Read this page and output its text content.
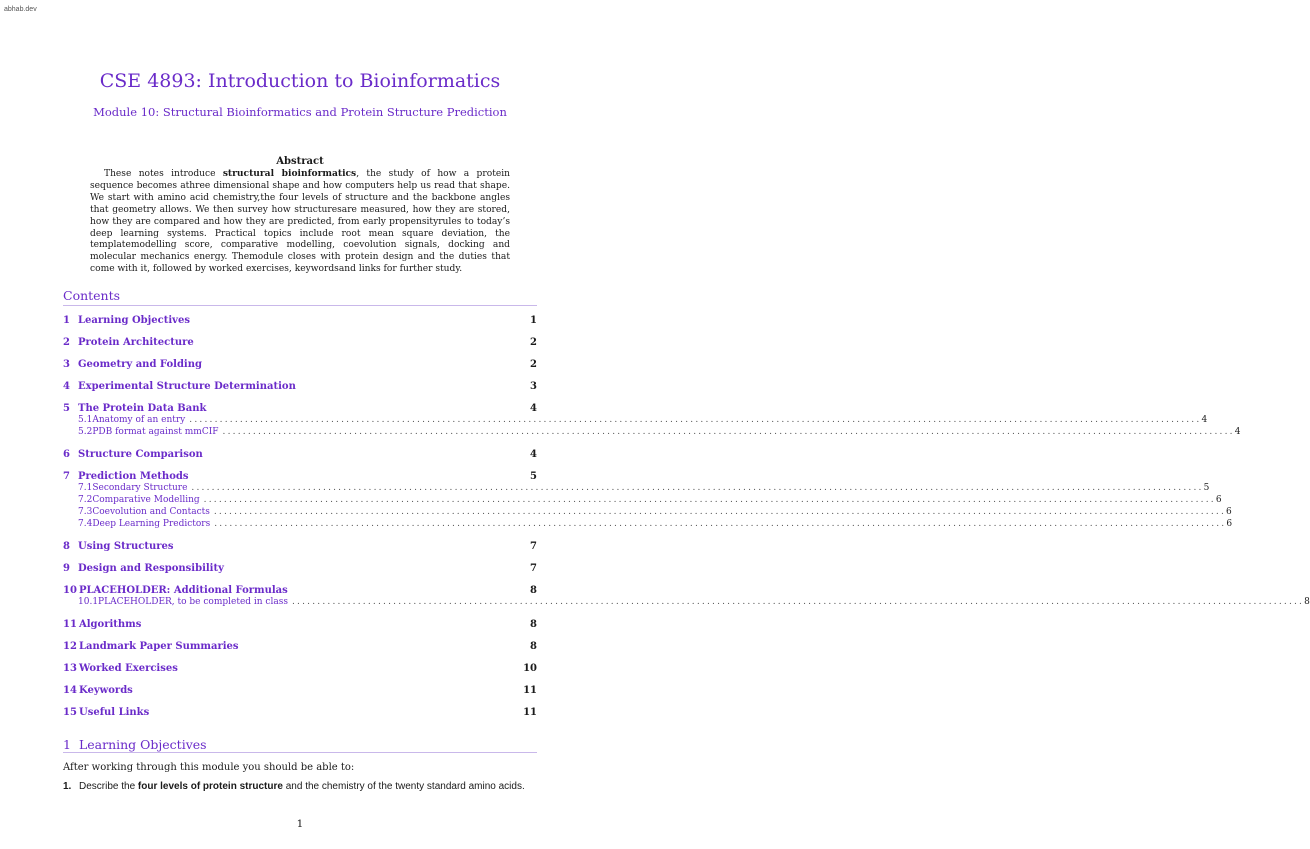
abhab.dev
CSE 4893: Introduction to Bioinformatics
Module 10: Structural Bioinformatics and Protein Structure Prediction
Abstract
These notes introduce structural bioinformatics, the study of how a protein sequence becomes athree dimensional shape and how computers help us read that shape. We start with amino acid chemistry,the four levels of structure and the backbone angles that geometry allows. We then survey how structuresare measured, how they are stored, how they are compared and how they are predicted, from early propensityrules to today’s deep learning systems. Practical topics include root mean square deviation, the templatemodelling score, comparative modelling, coevolution signals, docking and molecular mechanics energy. Themodule closes with protein design and the duties that come with it, followed by worked exercises, keywordsand links for further study.
Contents
1 Learning Objectives	1
2 Protein Architecture	2
3 Geometry and Folding	2
4 Experimental Structure Determination	3
5 The Protein Data Bank	4
5.1 Anatomy of an entry ........................................................................................................................................................................................................ 4
5.2 PDB format against mmCIF ........................................................................................................................................................................................................ 4
6 Structure Comparison	4
7 Prediction Methods	5
7.1 Secondary Structure ........................................................................................................................................................................................................ 5
7.2 Comparative Modelling ........................................................................................................................................................................................................ 6
7.3 Coevolution and Contacts ........................................................................................................................................................................................................ 6
7.4 Deep Learning Predictors ........................................................................................................................................................................................................ 6
8 Using Structures	7
9 Design and Responsibility	7
10 PLACEHOLDER: Additional Formulas	8
10.1 PLACEHOLDER, to be completed in class ........................................................................................................................................................................................................ 8
11 Algorithms	8
12 Landmark Paper Summaries	8
13 Worked Exercises	10
14 Keywords	11
15 Useful Links	11
1 Learning Objectives
After working through this module you should be able to:
1. Describe the four levels of protein structure and the chemistry of the twenty standard amino acids.
1
